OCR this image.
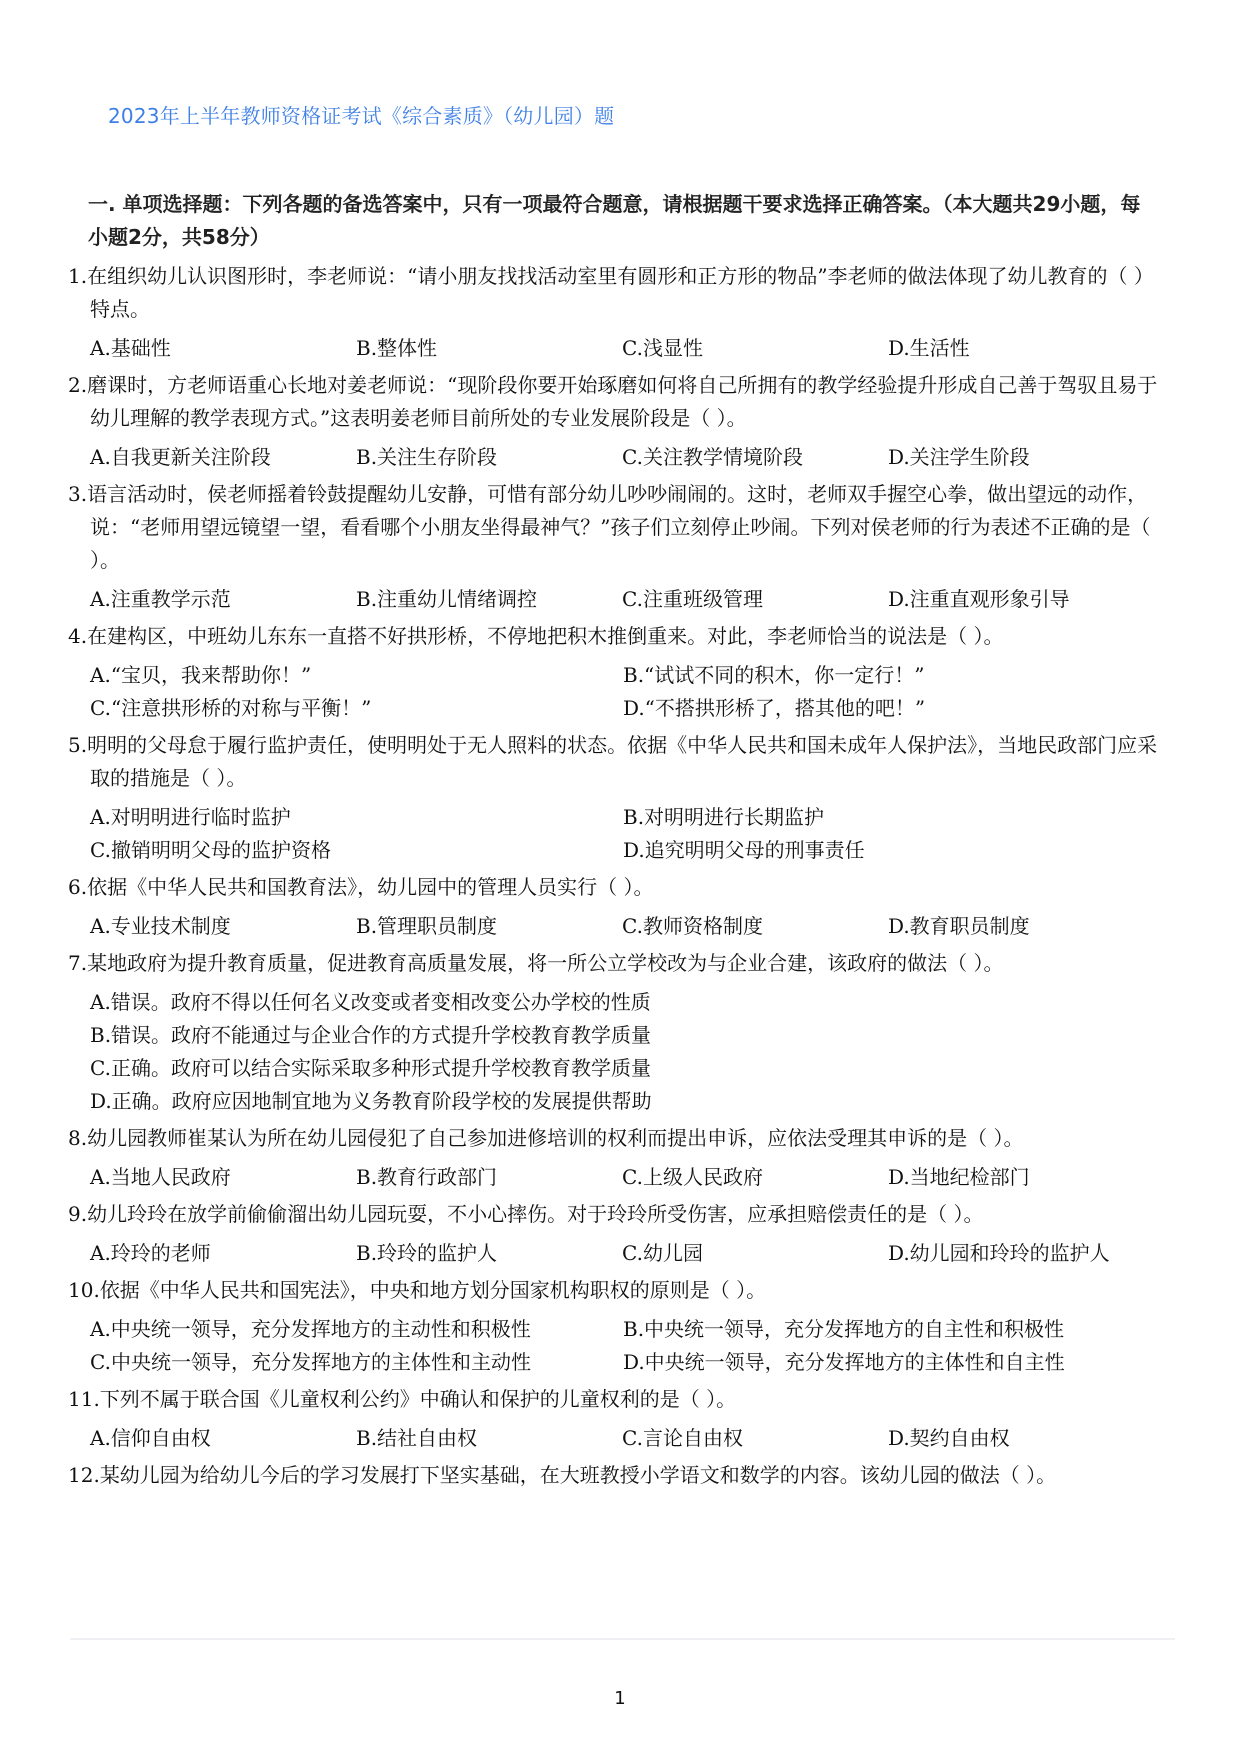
2023年上半年教师资格证考试《综合素质》（幼儿园）题
一. 单项选择题：下列各题的备选答案中，只有一项最符合题意，请根据题干要求选择正确答案。（本大题共29小题，每小题2分，共58分）

1.在组织幼儿认识图形时，李老师说：“请小朋友找找活动室里有圆形和正方形的物品”李老师的做法体现了幼儿教育的（ ）特点。

A.基础性	B.整体性	C.浅显性	D.生活性

2.磨课时，方老师语重心长地对姜老师说：“现阶段你要开始琢磨如何将自己所拥有的教学经验提升形成自己善于驾驭且易于幼儿理解的教学表现方式。”这表明姜老师目前所处的专业发展阶段是（ ）。

A.自我更新关注阶段	B.关注生存阶段	C.关注教学情境阶段	D.关注学生阶段

3.语言活动时，侯老师摇着铃鼓提醒幼儿安静，可惜有部分幼儿吵吵闹闹的。这时，老师双手握空心拳，做出望远的动作，说：“老师用望远镜望一望，看看哪个小朋友坐得最神气？”孩子们立刻停止吵闹。下列对侯老师的行为表述不正确的是（ ）。

A.注重教学示范	B.注重幼儿情绪调控	C.注重班级管理	D.注重直观形象引导

4.在建构区，中班幼儿东东一直搭不好拱形桥，不停地把积木推倒重来。对此，李老师恰当的说法是（ ）。

A.“宝贝，我来帮助你！”	B.“试试不同的积木，你一定行！”
C.“注意拱形桥的对称与平衡！”	D.“不搭拱形桥了，搭其他的吧！”

5.明明的父母怠于履行监护责任，使明明处于无人照料的状态。依据《中华人民共和国未成年人保护法》，当地民政部门应采取的措施是（ ）。

A.对明明进行临时监护	B.对明明进行长期监护
C.撤销明明父母的监护资格	D.追究明明父母的刑事责任

6.依据《中华人民共和国教育法》，幼儿园中的管理人员实行（ ）。

A.专业技术制度	B.管理职员制度	C.教师资格制度	D.教育职员制度

7.某地政府为提升教育质量，促进教育高质量发展，将一所公立学校改为与企业合建，该政府的做法（ ）。

A.错误。政府不得以任何名义改变或者变相改变公办学校的性质
B.错误。政府不能通过与企业合作的方式提升学校教育教学质量
C.正确。政府可以结合实际采取多种形式提升学校教育教学质量
D.正确。政府应因地制宜地为义务教育阶段学校的发展提供帮助

8.幼儿园教师崔某认为所在幼儿园侵犯了自己参加进修培训的权利而提出申诉，应依法受理其申诉的是（ ）。

A.当地人民政府	B.教育行政部门	C.上级人民政府	D.当地纪检部门

9.幼儿玲玲在放学前偷偷溜出幼儿园玩耍，不小心摔伤。对于玲玲所受伤害，应承担赔偿责任的是（ ）。

A.玲玲的老师	B.玲玲的监护人	C.幼儿园	D.幼儿园和玲玲的监护人

10.依据《中华人民共和国宪法》，中央和地方划分国家机构职权的原则是（ ）。

A.中央统一领导，充分发挥地方的主动性和积极性	B.中央统一领导，充分发挥地方的自主性和积极性
C.中央统一领导，充分发挥地方的主体性和主动性	D.中央统一领导，充分发挥地方的主体性和自主性

11.下列不属于联合国《儿童权利公约》中确认和保护的儿童权利的是（ ）。

A.信仰自由权	B.结社自由权	C.言论自由权	D.契约自由权

12.某幼儿园为给幼儿今后的学习发展打下坚实基础，在大班教授小学语文和数学的内容。该幼儿园的做法（ ）。

1
